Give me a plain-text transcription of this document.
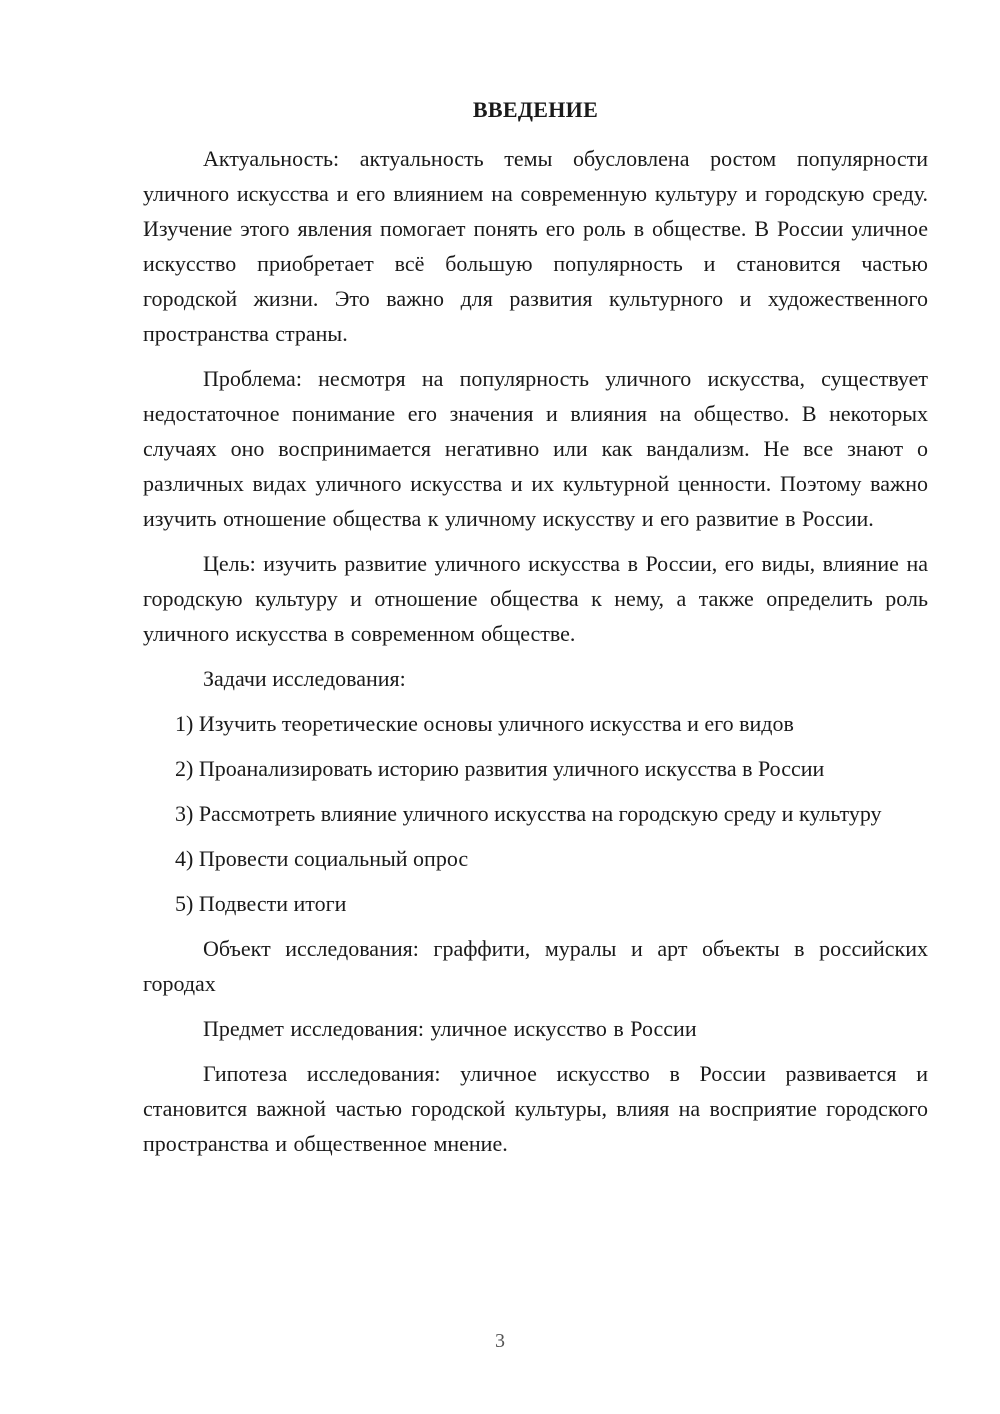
ВВЕДЕНИЕ

Актуальность: актуальность темы обусловлена ростом популярности уличного искусства и его влиянием на современную культуру и городскую среду. Изучение этого явления помогает понять его роль в обществе. В России уличное искусство приобретает всё большую популярность и становится частью городской жизни. Это важно для развития культурного и художественного пространства страны.

Проблема: несмотря на популярность уличного искусства, существует недостаточное понимание его значения и влияния на общество. В некоторых случаях оно воспринимается негативно или как вандализм. Не все знают о различных видах уличного искусства и их культурной ценности. Поэтому важно изучить отношение общества к уличному искусству и его развитие в России.

Цель: изучить развитие уличного искусства в России, его виды, влияние на городскую культуру и отношение общества к нему, а также определить роль уличного искусства в современном обществе.

Задачи исследования:

1) Изучить теоретические основы уличного искусства и его видов

2) Проанализировать историю развития уличного искусства в России

3) Рассмотреть влияние уличного искусства на городскую среду и культуру

4) Провести социальный опрос

5) Подвести итоги

Объект исследования: граффити, муралы и арт объекты в российских городах

Предмет исследования: уличное искусство в России

Гипотеза исследования: уличное искусство в России развивается и становится важной частью городской культуры, влияя на восприятие городского пространства и общественное мнение.

3
